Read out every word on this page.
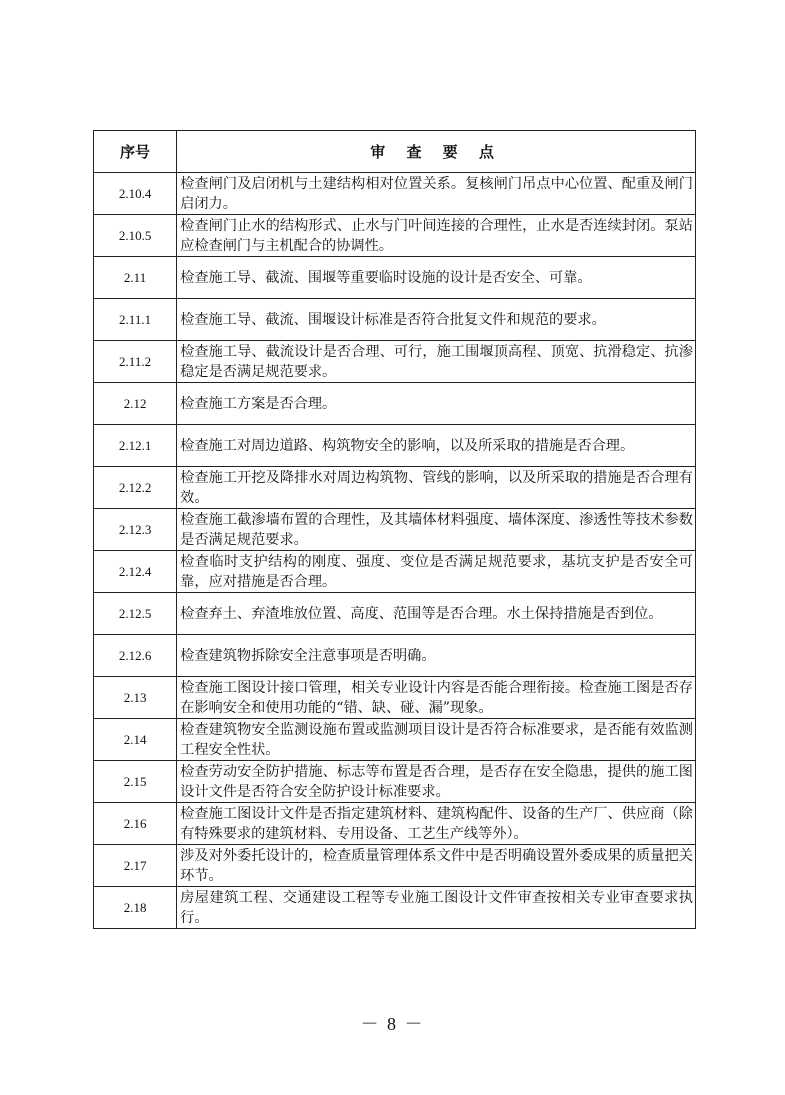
序号	审 查 要 点
2.10.4	检查闸门及启闭机与土建结构相对位置关系。复核闸门吊点中心位置、配重及闸门启闭力。
2.10.5	检查闸门止水的结构形式、止水与门叶间连接的合理性，止水是否连续封闭。泵站应检查闸门与主机配合的协调性。
2.11	检查施工导、截流、围堰等重要临时设施的设计是否安全、可靠。
2.11.1	检查施工导、截流、围堰设计标准是否符合批复文件和规范的要求。
2.11.2	检查施工导、截流设计是否合理、可行，施工围堰顶高程、顶宽、抗滑稳定、抗渗稳定是否满足规范要求。
2.12	检查施工方案是否合理。
2.12.1	检查施工对周边道路、构筑物安全的影响，以及所采取的措施是否合理。
2.12.2	检查施工开挖及降排水对周边构筑物、管线的影响，以及所采取的措施是否合理有效。
2.12.3	检查施工截渗墙布置的合理性，及其墙体材料强度、墙体深度、渗透性等技术参数是否满足规范要求。
2.12.4	检查临时支护结构的刚度、强度、变位是否满足规范要求，基坑支护是否安全可靠，应对措施是否合理。
2.12.5	检查弃土、弃渣堆放位置、高度、范围等是否合理。水土保持措施是否到位。
2.12.6	检查建筑物拆除安全注意事项是否明确。
2.13	检查施工图设计接口管理，相关专业设计内容是否能合理衔接。检查施工图是否存在影响安全和使用功能的“错、缺、碰、漏”现象。
2.14	检查建筑物安全监测设施布置或监测项目设计是否符合标准要求，是否能有效监测工程安全性状。
2.15	检查劳动安全防护措施、标志等布置是否合理，是否存在安全隐患，提供的施工图设计文件是否符合安全防护设计标准要求。
2.16	检查施工图设计文件是否指定建筑材料、建筑构配件、设备的生产厂、供应商（除有特殊要求的建筑材料、专用设备、工艺生产线等外）。
2.17	涉及对外委托设计的，检查质量管理体系文件中是否明确设置外委成果的质量把关环节。
2.18	房屋建筑工程、交通建设工程等专业施工图设计文件审查按相关专业审查要求执行。
－ 8 －
